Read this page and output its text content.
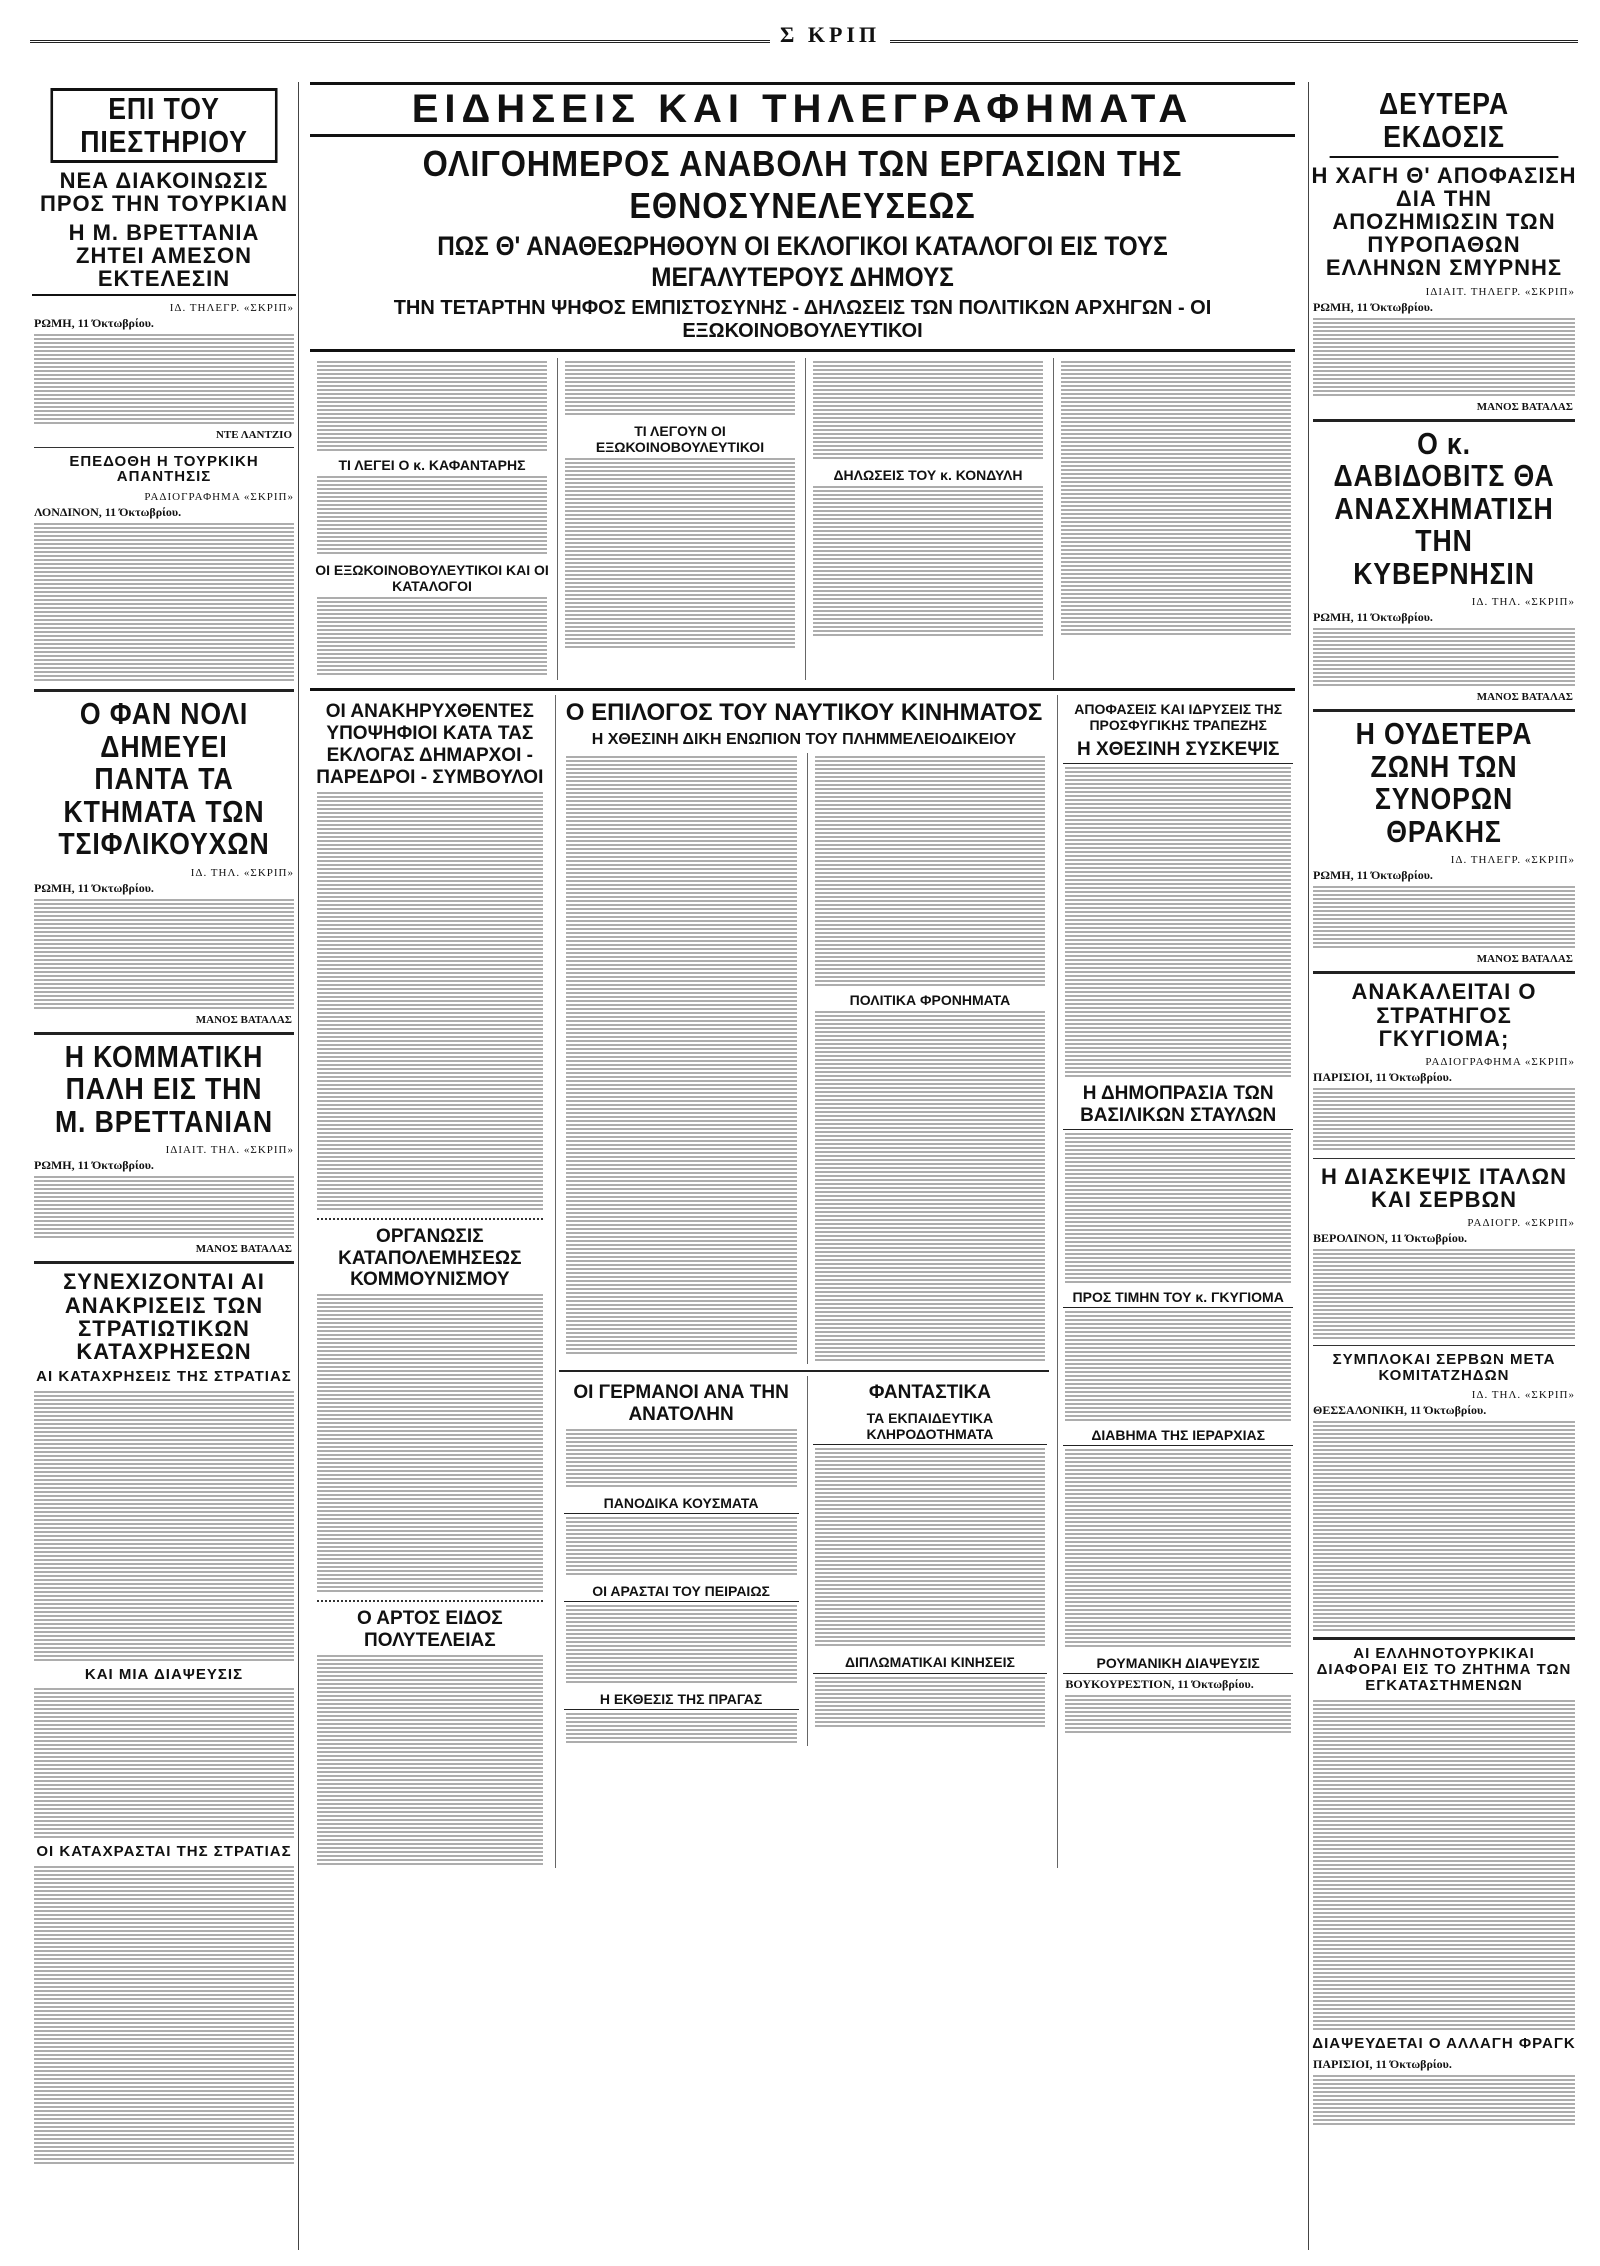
Σ ΚΡΙΠ
ΕΠΙ ΤΟΥ ΠΙΕΣΤΗΡΙΟΥ
ΝΕΑ ΔΙΑΚΟΙΝΩΣΙΣ ΠΡΟΣ ΤΗΝ ΤΟΥΡΚΙΑΝ
Η Μ. ΒΡΕΤΤΑΝΙΑ ΖΗΤΕΙ ΑΜΕΣΟΝ ΕΚΤΕΛΕΣΙΝ
ΙΔ. ΤΗΛΕΓΡ. «ΣΚΡΙΠ»
ΡΩΜΗ, 11 Όκτωβρίου.
ΝΤΕ ΛΑΝΤΖΙΟ
ΕΠΕΔΟΘΗ Η ΤΟΥΡΚΙΚΗ ΑΠΑΝΤΗΣΙΣ
ΡΑΔΙΟΓΡΑΦΗΜΑ «ΣΚΡΙΠ»
ΛΟΝΔΙΝΟΝ, 11 Όκτωβρίου.
Ο ΦΑΝ ΝΟΛΙ ΔΗΜΕΥΕΙ ΠΑΝΤΑ ΤΑ ΚΤΗΜΑΤΑ ΤΩΝ ΤΣΙΦΛΙΚΟΥΧΩΝ
ΙΔ. ΤΗΛ. «ΣΚΡΙΠ»
ΡΩΜΗ, 11 Όκτωβρίου.
ΜΑΝΟΣ ΒΑΤΑΛΑΣ
Η ΚΟΜΜΑΤΙΚΗ ΠΑΛΗ ΕΙΣ ΤΗΝ Μ. ΒΡΕΤΤΑΝΙΑΝ
ΙΔΙΑΙΤ. ΤΗΛ. «ΣΚΡΙΠ»
ΡΩΜΗ, 11 Όκτωβρίου.
ΜΑΝΟΣ ΒΑΤΑΛΑΣ
ΣΥΝΕΧΙΖΟΝΤΑΙ ΑΙ ΑΝΑΚΡΙΣΕΙΣ ΤΩΝ ΣΤΡΑΤΙΩΤΙΚΩΝ ΚΑΤΑΧΡΗΣΕΩΝ
ΑΙ ΚΑΤΑΧΡΗΣΕΙΣ ΤΗΣ ΣΤΡΑΤΙΑΣ
ΚΑΙ ΜΙΑ ΔΙΑΨΕΥΣΙΣ
ΟΙ ΚΑΤΑΧΡΑΣΤΑΙ ΤΗΣ ΣΤΡΑΤΙΑΣ
ΕΙΔΗΣΕΙΣ ΚΑΙ ΤΗΛΕΓΡΑΦΗΜΑΤΑ
ΟΛΙΓΟΗΜΕΡΟΣ ΑΝΑΒΟΛΗ ΤΩΝ ΕΡΓΑΣΙΩΝ ΤΗΣ ΕΘΝΟΣΥΝΕΛΕΥΣΕΩΣ
ΠΩΣ Θ' ΑΝΑΘΕΩΡΗΘΟΥΝ ΟΙ ΕΚΛΟΓΙΚΟΙ ΚΑΤΑΛΟΓΟΙ ΕΙΣ ΤΟΥΣ ΜΕΓΑΛΥΤΕΡΟΥΣ ΔΗΜΟΥΣ
ΤΗΝ ΤΕΤΑΡΤΗΝ ΨΗΦΟΣ ΕΜΠΙΣΤΟΣΥΝΗΣ - ΔΗΛΩΣΕΙΣ ΤΩΝ ΠΟΛΙΤΙΚΩΝ ΑΡΧΗΓΩΝ - ΟΙ ΕΞΩΚΟΙΝΟΒΟΥΛΕΥΤΙΚΟΙ
ΤΙ ΛΕΓΕΙ Ο κ. ΚΑΦΑΝΤΑΡΗΣ
ΟΙ ΕΞΩΚΟΙΝΟΒΟΥΛΕΥΤΙΚΟΙ ΚΑΙ ΟΙ ΚΑΤΑΛΟΓΟΙ
ΤΙ ΛΕΓΟΥΝ ΟΙ ΕΞΩΚΟΙΝΟΒΟΥΛΕΥΤΙΚΟΙ
ΔΗΛΩΣΕΙΣ ΤΟΥ κ. ΚΟΝΔΥΛΗ
ΟΙ ΑΝΑΚΗΡΥΧΘΕΝΤΕΣ ΥΠΟΨΗΦΙΟΙ ΚΑΤΑ ΤΑΣ ΕΚΛΟΓΑΣ ΔΗΜΑΡΧΟΙ - ΠΑΡΕΔΡΟΙ - ΣΥΜΒΟΥΛΟΙ
ΟΡΓΑΝΩΣΙΣ ΚΑΤΑΠΟΛΕΜΗΣΕΩΣ ΚΟΜΜΟΥΝΙΣΜΟΥ
Ο ΑΡΤΟΣ ΕΙΔΟΣ ΠΟΛΥΤΕΛΕΙΑΣ
Ο ΕΠΙΛΟΓΟΣ ΤΟΥ ΝΑΥΤΙΚΟΥ ΚΙΝΗΜΑΤΟΣ
Η ΧΘΕΣΙΝΗ ΔΙΚΗ ΕΝΩΠΙΟΝ ΤΟΥ ΠΛΗΜΜΕΛΕΙΟΔΙΚΕΙΟΥ
ΠΟΛΙΤΙΚΑ ΦΡΟΝΗΜΑΤΑ
ΟΙ ΓΕΡΜΑΝΟΙ ΑΝΑ ΤΗΝ ΑΝΑΤΟΛΗΝ
ΠΑΝΟΔΙΚΑ ΚΟΥΣΜΑΤΑ
ΟΙ ΑΡΑΣΤΑΙ ΤΟΥ ΠΕΙΡΑΙΩΣ
Η ΕΚΘΕΣΙΣ ΤΗΣ ΠΡΑΓΑΣ
ΦΑΝΤΑΣΤΙΚΑ
ΤΑ ΕΚΠΑΙΔΕΥΤΙΚΑ ΚΛΗΡΟΔΟΤΗΜΑΤΑ
ΔΙΠΛΩΜΑΤΙΚΑΙ ΚΙΝΗΣΕΙΣ
ΑΠΟΦΑΣΕΙΣ ΚΑΙ ΙΔΡΥΣΕΙΣ ΤΗΣ ΠΡΟΣΦΥΓΙΚΗΣ ΤΡΑΠΕΖΗΣ
Η ΧΘΕΣΙΝΗ ΣΥΣΚΕΨΙΣ
Η ΔΗΜΟΠΡΑΣΙΑ ΤΩΝ ΒΑΣΙΛΙΚΩΝ ΣΤΑΥΛΩΝ
ΠΡΟΣ ΤΙΜΗΝ ΤΟΥ κ. ΓΚΥΓΙΟΜΑ
ΔΙΑΒΗΜΑ ΤΗΣ ΙΕΡΑΡΧΙΑΣ
ΡΟΥΜΑΝΙΚΗ ΔΙΑΨΕΥΣΙΣ
ΒΟΥΚΟΥΡΕΣΤΙΟΝ, 11 Όκτωβρίου.
ΔΕΥΤΕΡΑ ΕΚΔΟΣΙΣ
Η ΧΑΓΗ Θ' ΑΠΟΦΑΣΙΣΗ ΔΙΑ ΤΗΝ ΑΠΟΖΗΜΙΩΣΙΝ ΤΩΝ ΠΥΡΟΠΑΘΩΝ ΕΛΛΗΝΩΝ ΣΜΥΡΝΗΣ
ΙΔΙΑΙΤ. ΤΗΛΕΓΡ. «ΣΚΡΙΠ»
ΡΩΜΗ, 11 Όκτωβρίου.
ΜΑΝΟΣ ΒΑΤΑΛΑΣ
Ο κ. ΔΑΒΙΔΟΒΙΤΣ ΘΑ ΑΝΑΣΧΗΜΑΤΙΣΗ ΤΗΝ ΚΥΒΕΡΝΗΣΙΝ
ΙΔ. ΤΗΛ. «ΣΚΡΙΠ»
ΡΩΜΗ, 11 Όκτωβρίου.
ΜΑΝΟΣ ΒΑΤΑΛΑΣ
Η ΟΥΔΕΤΕΡΑ ΖΩΝΗ ΤΩΝ ΣΥΝΟΡΩΝ ΘΡΑΚΗΣ
ΙΔ. ΤΗΛΕΓΡ. «ΣΚΡΙΠ»
ΡΩΜΗ, 11 Όκτωβρίου.
ΜΑΝΟΣ ΒΑΤΑΛΑΣ
ΑΝΑΚΑΛΕΙΤΑΙ Ο ΣΤΡΑΤΗΓΟΣ ΓΚΥΓΙΟΜΑ;
ΡΑΔΙΟΓΡΑΦΗΜΑ «ΣΚΡΙΠ»
ΠΑΡΙΣΙΟΙ, 11 Όκτωβρίου.
Η ΔΙΑΣΚΕΨΙΣ ΙΤΑΛΩΝ ΚΑΙ ΣΕΡΒΩΝ
ΡΑΔΙΟΓΡ. «ΣΚΡΙΠ»
ΒΕΡΟΛΙΝΟΝ, 11 Όκτωβρίου.
ΣΥΜΠΛΟΚΑΙ ΣΕΡΒΩΝ ΜΕΤΑ ΚΟΜΙΤΑΤΖΗΔΩΝ
ΙΔ. ΤΗΛ. «ΣΚΡΙΠ»
ΘΕΣΣΑΛΟΝΙΚΗ, 11 Όκτωβρίου.
ΑΙ ΕΛΛΗΝΟΤΟΥΡΚΙΚΑΙ ΔΙΑΦΟΡΑΙ ΕΙΣ ΤΟ ΖΗΤΗΜΑ ΤΩΝ ΕΓΚΑΤΑΣΤΗΜΕΝΩΝ
ΔΙΑΨΕΥΔΕΤΑΙ Ο ΑΛΛΑΓΗ ΦΡΑΓΚ
ΠΑΡΙΣΙΟΙ, 11 Όκτωβρίου.
